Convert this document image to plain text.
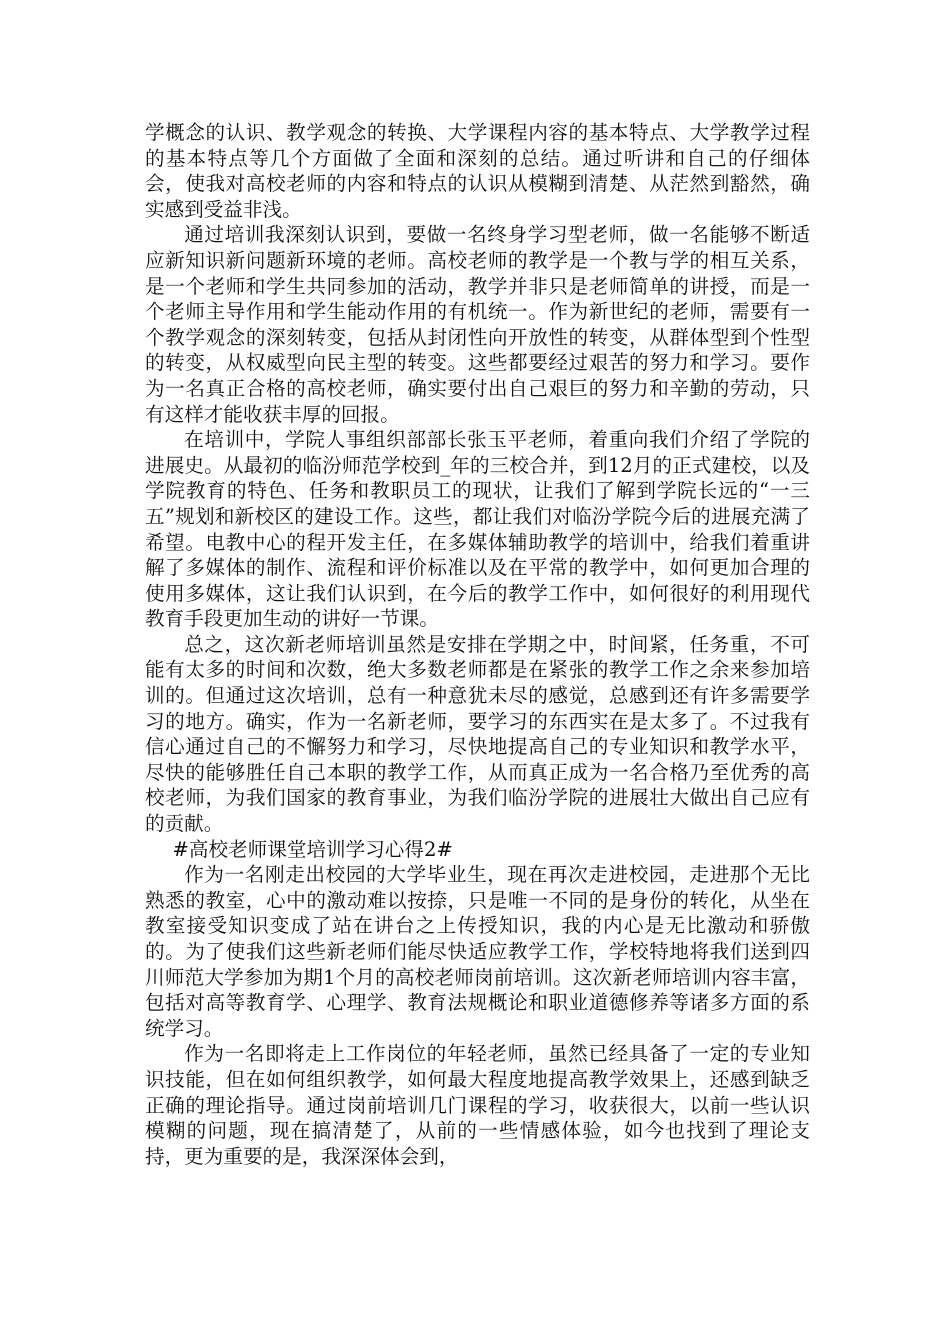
学概念的认识、教学观念的转换、大学课程内容的基本特点、大学教学过程的基本特点等几个方面做了全面和深刻的总结。通过听讲和自己的仔细体会，使我对高校老师的内容和特点的认识从模糊到清楚、从茫然到豁然，确实感到受益非浅。

通过培训我深刻认识到，要做一名终身学习型老师，做一名能够不断适应新知识新问题新环境的老师。高校老师的教学是一个教与学的相互关系，是一个老师和学生共同参加的活动，教学并非只是老师简单的讲授，而是一个老师主导作用和学生能动作用的有机统一。作为新世纪的老师，需要有一个教学观念的深刻转变，包括从封闭性向开放性的转变，从群体型到个性型的转变，从权威型向民主型的转变。这些都要经过艰苦的努力和学习。要作为一名真正合格的高校老师，确实要付出自己艰巨的努力和辛勤的劳动，只有这样才能收获丰厚的回报。

在培训中，学院人事组织部部长张玉平老师，着重向我们介绍了学院的进展史。从最初的临汾师范学校到_年的三校合并，到12月的正式建校，以及学院教育的特色、任务和教职员工的现状，让我们了解到学院长远的“一三五”规划和新校区的建设工作。这些，都让我们对临汾学院今后的进展充满了希望。电教中心的程开发主任，在多媒体辅助教学的培训中，给我们着重讲解了多媒体的制作、流程和评价标准以及在平常的教学中，如何更加合理的使用多媒体，这让我们认识到，在今后的教学工作中，如何很好的利用现代教育手段更加生动的讲好一节课。

总之，这次新老师培训虽然是安排在学期之中，时间紧，任务重，不可能有太多的时间和次数，绝大多数老师都是在紧张的教学工作之余来参加培训的。但通过这次培训，总有一种意犹未尽的感觉，总感到还有许多需要学习的地方。确实，作为一名新老师，要学习的东西实在是太多了。不过我有信心通过自己的不懈努力和学习，尽快地提高自己的专业知识和教学水平，尽快的能够胜任自己本职的教学工作，从而真正成为一名合格乃至优秀的高校老师，为我们国家的教育事业，为我们临汾学院的进展壮大做出自己应有的贡献。

#高校老师课堂培训学习心得2#

作为一名刚走出校园的大学毕业生，现在再次走进校园，走进那个无比熟悉的教室，心中的激动难以按捺，只是唯一不同的是身份的转化，从坐在教室接受知识变成了站在讲台之上传授知识，我的内心是无比激动和骄傲的。为了使我们这些新老师们能尽快适应教学工作，学校特地将我们送到四川师范大学参加为期1个月的高校老师岗前培训。这次新老师培训内容丰富，包括对高等教育学、心理学、教育法规概论和职业道德修养等诸多方面的系统学习。

作为一名即将走上工作岗位的年轻老师，虽然已经具备了一定的专业知识技能，但在如何组织教学，如何最大程度地提高教学效果上，还感到缺乏正确的理论指导。通过岗前培训几门课程的学习，收获很大，以前一些认识模糊的问题，现在搞清楚了，从前的一些情感体验，如今也找到了理论支持，更为重要的是，我深深体会到，
